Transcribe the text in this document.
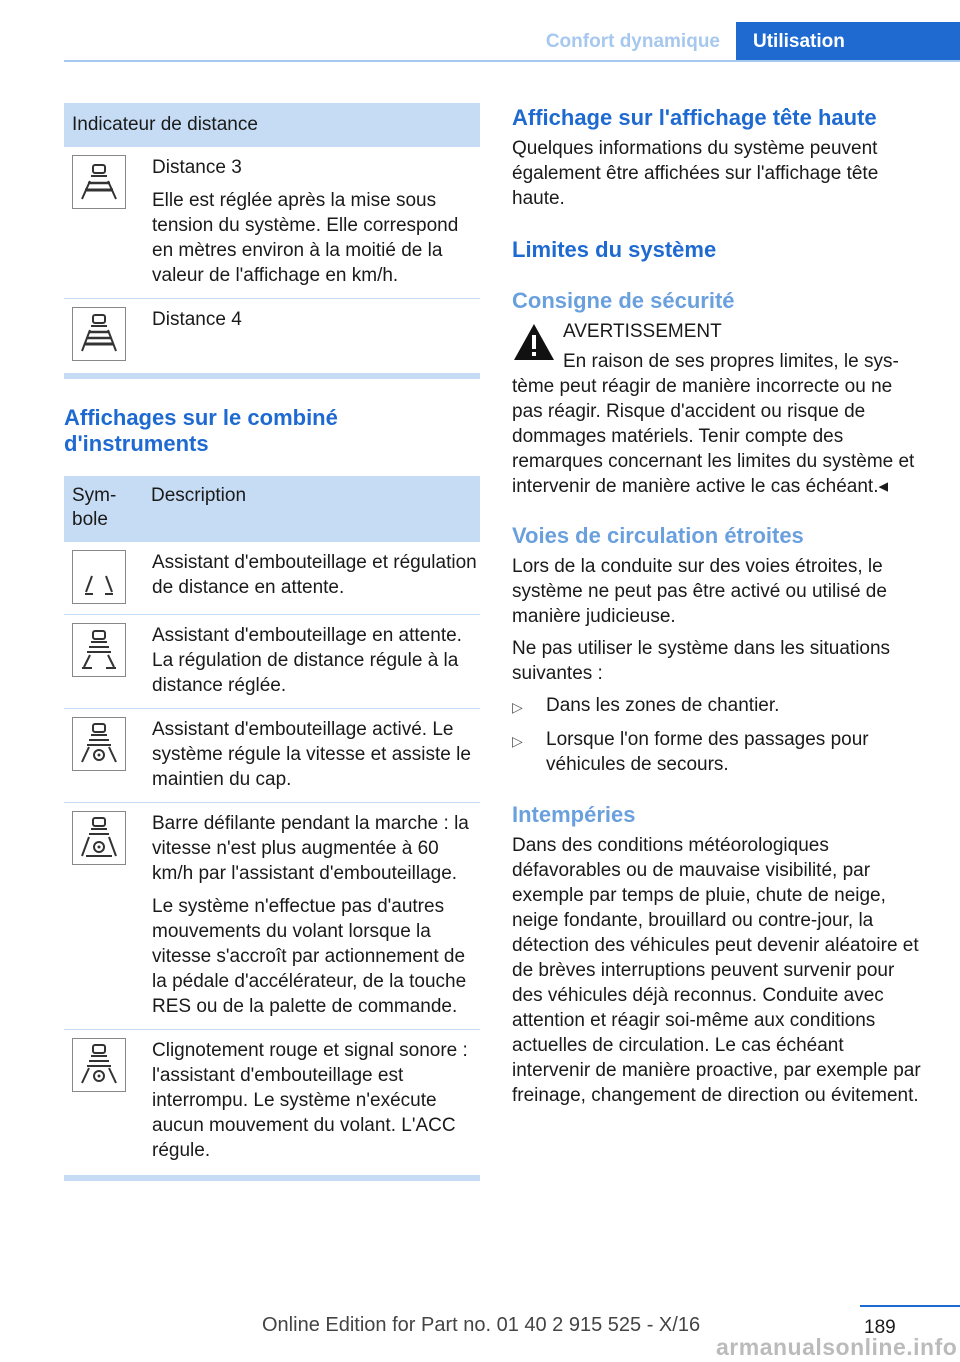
Confort dynamique	Utilisation
Indicateur de distance

Distance 3

Elle est réglée après la mise sous tension du système. Elle correspond en mètres environ à la moitié de la valeur de l'affichage en km/h.

Distance 4

Affichages sur le combiné d'instruments
Sym-
bole
Description

Assistant d'embouteillage et régulation de distance en attente.

Assistant d'embouteillage en attente. La régulation de distance régule à la distance réglée.

Assistant d'embouteillage activé. Le système régule la vitesse et assiste le maintien du cap.

Barre défilante pendant la marche : la vitesse n'est plus augmentée à 60 km/h par l'assistant d'embouteillage.

Le système n'effectue pas d'autres mouvements du volant lorsque la vitesse s'accroît par actionnement de la pédale d'accélérateur, de la touche RES ou de la palette de commande.

Clignotement rouge et signal sonore : l'assistant d'embouteillage est interrompu. Le système n'exécute aucun mouvement du volant. L'ACC régule.

Affichage sur l'affichage tête haute

Quelques informations du système peuvent également être affichées sur l'affichage tête haute.

Limites du système
Consigne de sécurité

AVERTISSEMENT

En raison de ses propres limites, le sys-

tème peut réagir de manière incorrecte ou ne pas réagir. Risque d'accident ou risque de dommages matériels. Tenir compte des remarques concernant les limites du système et intervenir de manière active le cas échéant.◂

Voies de circulation étroites

Lors de la conduite sur des voies étroites, le système ne peut pas être activé ou utilisé de manière judicieuse.

Ne pas utiliser le système dans les situations suivantes :

▷	Dans les zones de chantier.
▷	Lorsque l'on forme des passages pour véhicules de secours.
Intempéries

Dans des conditions météorologiques défavorables ou de mauvaise visibilité, par exemple par temps de pluie, chute de neige, neige fondante, brouillard ou contre-jour, la détection des véhicules peut devenir aléatoire et de brèves interruptions peuvent survenir pour des véhicules déjà reconnus. Conduite avec attention et réagir soi-même aux conditions actuelles de circulation. Le cas échéant intervenir de manière proactive, par exemple par freinage, changement de direction ou évitement.

189
Online Edition for Part no. 01 40 2 915 525 - X/16
armanualsonline.info
